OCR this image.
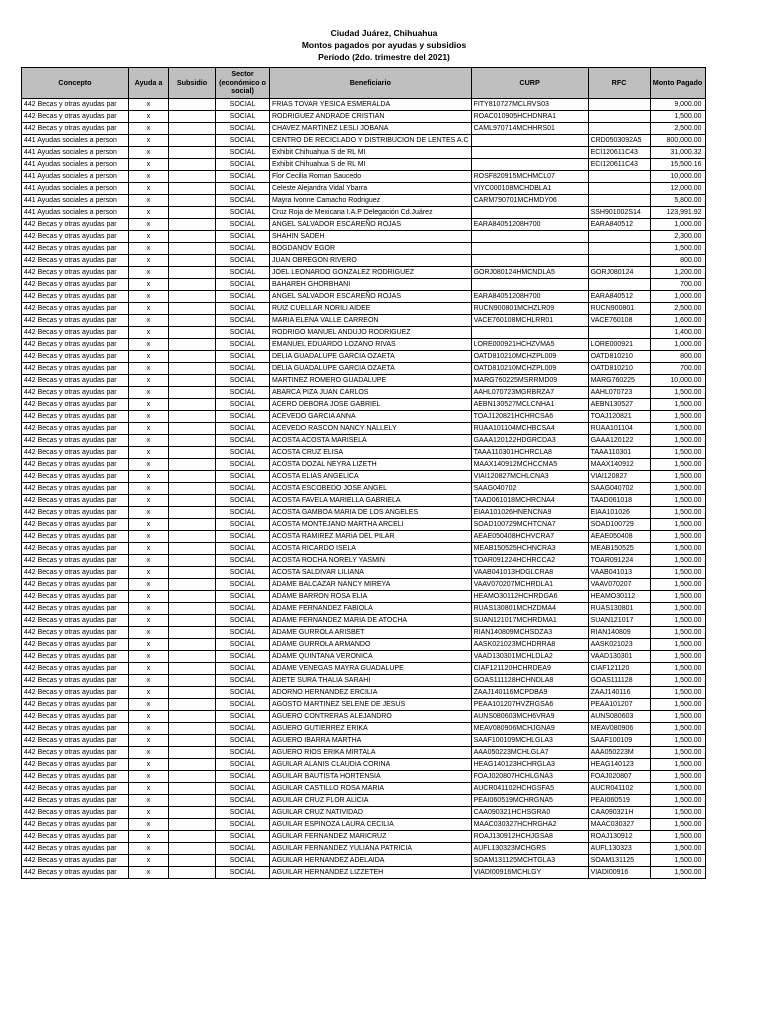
Ciudad Juárez, Chihuahua
Montos pagados por ayudas y subsidios
Período (2do. trimestre del 2021)
Concepto	Ayuda a	Subsidio	Sector (económico o social)	Beneficiario	CURP	RFC	Monto Pagado
442 Becas y otras ayudas par	x		SOCIAL	FRIAS TOVAR YESICA ESMERALDA	FITY810727MCLRVS03		9,000.00
442 Becas y otras ayudas par	x		SOCIAL	RODRIGUEZ ANDRADE CRISTIAN	ROAC010905HCHDNRA1		1,500.00
442 Becas y otras ayudas par	x		SOCIAL	CHAVEZ MARTINEZ LESLI JOBANA	CAML970714MCHHRS01		2,500.00
441 Ayudas sociales a person	x		SOCIAL	CENTRO DE RECICLADO Y DISTRIBUCION DE LENTES A.C		CRD0503092A5	800,000.00
441 Ayudas sociales a person	x		SOCIAL	Exhibit Chihuahua S de RL MI		ECI120611C43	31,000.32
441 Ayudas sociales a person	x		SOCIAL	Exhibit Chihuahua S de RL MI		ECI120611C43	15,500.16
441 Ayudas sociales a person	x		SOCIAL	Flor Cecilia Roman Saucedo	ROSF820915MCHMCL07		10,000.00
441 Ayudas sociales a person	x		SOCIAL	Celeste Alejandra Vidal Ybarra	VIYC000108MCHDBLA1		12,000.00
441 Ayudas sociales a person	x		SOCIAL	Mayra Ivonne Camacho Rodriguez	CARM790701MCHMDY06		5,800.00
441 Ayudas sociales a person	x		SOCIAL	Cruz Roja de Mexicana I.A.P Delegación Cd.Juárez		SSH901002S14	123,991.92
442 Becas y otras ayudas par	x		SOCIAL	ANGEL SALVADOR ESCAREÑO ROJAS	EARA84051208H700	EARA840512	1,000.00
442 Becas y otras ayudas par	x		SOCIAL	SHAHIN SADEH			2,300.00
442 Becas y otras ayudas par	x		SOCIAL	BOGDANOV EGOR			1,500.00
442 Becas y otras ayudas par	x		SOCIAL	JUAN OBREGON RIVERO			800.00
442 Becas y otras ayudas par	x		SOCIAL	JOEL LEONARDO GONZALEZ RODRIGUEZ	GORJ080124HMCNDLA5	GORJ080124	1,200.00
442 Becas y otras ayudas par	x		SOCIAL	BAHAREH GHORBHANI			700.00
442 Becas y otras ayudas par	x		SOCIAL	ANGEL SALVADOR ESCAREÑO ROJAS	EARA84051208H700	EARA840512	1,000.00
442 Becas y otras ayudas par	x		SOCIAL	RUIZ CUELLAR NORILI AIDEE	RUCN900801MCHZLR09	RUCN900801	2,500.00
442 Becas y otras ayudas par	x		SOCIAL	MARIA ELENA VALLE CARREON	VACE760108MCHLRR01	VACE760108	1,600.00
442 Becas y otras ayudas par	x		SOCIAL	RODRIGO MANUEL ANDUJO RODRIGUEZ			1,400.00
442 Becas y otras ayudas par	x		SOCIAL	EMANUEL EDUARDO LOZANO RIVAS	LORE000921HCHZVMA5	LORE000921	1,000.00
442 Becas y otras ayudas par	x		SOCIAL	DELIA GUADALUPE GARCIA OZAETA	OATD810210MCHZPL009	OATD810210	800.00
442 Becas y otras ayudas par	x		SOCIAL	DELIA GUADALUPE GARCIA OZAETA	OATD810210MCHZPL009	OATD810210	700.00
442 Becas y otras ayudas par	x		SOCIAL	MARTINEZ ROMERO GUADALUPE	MARG760225MSRRMD09	MARG760225	10,000.00
442 Becas y otras ayudas par	x		SOCIAL	ABARCA PIZA JUAN CARLOS	AAHL070723MGRBRZA7	AAHL070723	1,500.00
442 Becas y otras ayudas par	x		SOCIAL	ACERO DEBORA JOSE GABRIEL	AEBN130527MCLCNHA1	AEBN130527	1,500.00
442 Becas y otras ayudas par	x		SOCIAL	ACEVEDO GARCIA ANNA	TOAJ120821HCHRCSA6	TOAJ120821	1,500.00
442 Becas y otras ayudas par	x		SOCIAL	ACEVEDO RASCON NANCY NALLELY	RUAA101104MCHBCSA4	RUAA101104	1,500.00
442 Becas y otras ayudas par	x		SOCIAL	ACOSTA ACOSTA MARISELA	GAAA120122HDGRCDA3	GAAA120122	1,500.00
442 Becas y otras ayudas par	x		SOCIAL	ACOSTA CRUZ ELISA	TAAA110301HCHRCLA8	TAAA110301	1,500.00
442 Becas y otras ayudas par	x		SOCIAL	ACOSTA DOZAL NEYRA LIZETH	MAAX140912MCHCCMA5	MAAX140912	1,500.00
442 Becas y otras ayudas par	x		SOCIAL	ACOSTA ELIAS ANGELICA	VIAI120827MCHLCNA3	VIAI120827	1,500.00
442 Becas y otras ayudas par	x		SOCIAL	ACOSTA ESCOBEDO JOSE ANGEL	SAAG040702	SAAG040702	1,500.00
442 Becas y otras ayudas par	x		SOCIAL	ACOSTA FAVELA MARIELLA GABRIELA	TAAD061018MCHRCNA4	TAAD061018	1,500.00
442 Becas y otras ayudas par	x		SOCIAL	ACOSTA GAMBOA MARIA DE LOS ANGELES	EIAA101026HNENCNA9	EIAA101026	1,500.00
442 Becas y otras ayudas par	x		SOCIAL	ACOSTA MONTEJANO MARTHA ARCELI	SOAD100729MCHTCNA7	SOAD100729	1,500.00
442 Becas y otras ayudas par	x		SOCIAL	ACOSTA RAMIREZ MARIA DEL PILAR	AEAE050408HCHVCRA7	AEAE050408	1,500.00
442 Becas y otras ayudas par	x		SOCIAL	ACOSTA RICARDO ISELA	MEAB150525HCHNCRA3	MEAB150525	1,500.00
442 Becas y otras ayudas par	x		SOCIAL	ACOSTA ROCHA NORELY YASMIN	TOAR091224HCHRCCA2	TOAR091224	1,500.00
442 Becas y otras ayudas par	x		SOCIAL	ACOSTA SALDIVAR LILIANA	VAAB041013HDGLCRA8	VAAB041013	1,500.00
442 Becas y otras ayudas par	x		SOCIAL	ADAME BALCAZAR NANCY MIREYA	VAAV070207MCHRDLA1	VAAV070207	1,500.00
442 Becas y otras ayudas par	x		SOCIAL	ADAME BARRON ROSA ELIA	HEAMO30112HCHRDGA6	HEAMO30112	1,500.00
442 Becas y otras ayudas par	x		SOCIAL	ADAME FERNANDEZ FABIOLA	RUAS130801MCHZDMA4	RUAS130801	1,500.00
442 Becas y otras ayudas par	x		SOCIAL	ADAME FERNANDEZ MARIA DE ATOCHA	SUAN121017MCHRDMA1	SUAN121017	1,500.00
442 Becas y otras ayudas par	x		SOCIAL	ADAME GURROLA ARISBET	RIAN140809MCHSDZA3	RIAN140809	1,500.00
442 Becas y otras ayudas par	x		SOCIAL	ADAME GURROLA ARMANDO	AASK021023MCHDRRA8	AASK021023	1,500.00
442 Becas y otras ayudas par	x		SOCIAL	ADAME QUINTANA VERONICA	VAAD130301MCHLDLA2	VAAD130301	1,500.00
442 Becas y otras ayudas par	x		SOCIAL	ADAME VENEGAS MAYRA GUADALUPE	CIAF121120HCHRDEA9	CIAF121120	1,500.00
442 Becas y otras ayudas par	x		SOCIAL	ADETE SURA THALIA SARAHI	GOAS111128HCHNDLA8	GOAS111128	1,500.00
442 Becas y otras ayudas par	x		SOCIAL	ADORNO HERNANDEZ ERCILIA	ZAAJ140116MCPDBA9	ZAAJ140116	1,500.00
442 Becas y otras ayudas par	x		SOCIAL	AGOSTO MARTINEZ SELENE DE JESUS	PEAA101207HVZRGSA6	PEAA101207	1,500.00
442 Becas y otras ayudas par	x		SOCIAL	AGUERO CONTRERAS ALEJANDRO	AUNS080603MCH6VRA9	AUNS080603	1,500.00
442 Becas y otras ayudas par	x		SOCIAL	AGUERO GUTIERREZ ERIKA	MEAV080906MCHJGNA9	MEAV080906	1,500.00
442 Becas y otras ayudas par	x		SOCIAL	AGUERO IBARRA MARTHA	SAAF100109MCHLGLA3	SAAF100109	1,500.00
442 Becas y otras ayudas par	x		SOCIAL	AGUERO RIOS ERIKA MIRTALA	AAA050223MCHLGLA7	AAA050223M	1,500.00
442 Becas y otras ayudas par	x		SOCIAL	AGUILAR ALANIS CLAUDIA CORINA	HEAG140123HCHRGLA3	HEAG140123	1,500.00
442 Becas y otras ayudas par	x		SOCIAL	AGUILAR BAUTISTA HORTENSIA	FOAJ020807HCHLGNA3	FOAJ020807	1,500.00
442 Becas y otras ayudas par	x		SOCIAL	AGUILAR CASTILLO ROSA MARIA	AUCR041102HCHGSFA5	AUCR041102	1,500.00
442 Becas y otras ayudas par	x		SOCIAL	AGUILAR CRUZ FLOR ALICIA	PEAI060519MCHRGNA5	PEAI060519	1,500.00
442 Becas y otras ayudas par	x		SOCIAL	AGUILAR CRUZ NATIVIDAD	CAA090321HCHSGRA0	CAA090321H	1,500.00
442 Becas y otras ayudas par	x		SOCIAL	AGUILAR ESPINOZA LAURA CECILIA	MAAC030327HCHRGHA2	MAAC030327	1,500.00
442 Becas y otras ayudas par	x		SOCIAL	AGUILAR FERNANDEZ MARICRUZ	ROAJ130912HCHJGSA8	ROAJ130912	1,500.00
442 Becas y otras ayudas par	x		SOCIAL	AGUILAR FERNANDEZ YULIANA PATRICIA	AUFL130323MCHGRS	AUFL130323	1,500.00
442 Becas y otras ayudas par	x		SOCIAL	AGUILAR HERNANDEZ ADELAIDA	SOAM131125MCHTGLA3	SOAM131125	1,500.00
442 Becas y otras ayudas par	x		SOCIAL	AGUILAR HERNANDEZ LIZZETEH	VIADI00916MCHLGY	VIADI00916	1,500.00
